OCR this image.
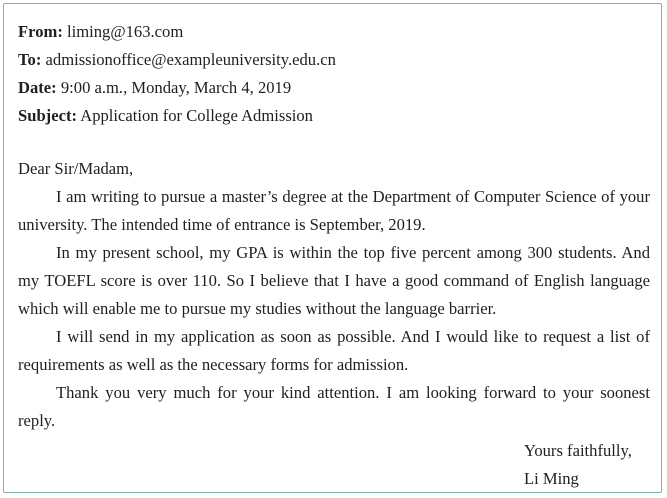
From: liming@163.com
To: admissionoffice@exampleuniversity.edu.cn
Date: 9:00 a.m., Monday, March 4, 2019
Subject: Application for College Admission
Dear Sir/Madam,

I am writing to pursue a master’s degree at the Department of Computer Science of your university. The intended time of entrance is September, 2019.

In my present school, my GPA is within the top five percent among 300 students. And my TOEFL score is over 110. So I believe that I have a good command of English language which will enable me to pursue my studies without the language barrier.

I will send in my application as soon as possible. And I would like to request a list of requirements as well as the necessary forms for admission.

Thank you very much for your kind attention. I am looking forward to your soonest reply.

Yours faithfully,
Li Ming
